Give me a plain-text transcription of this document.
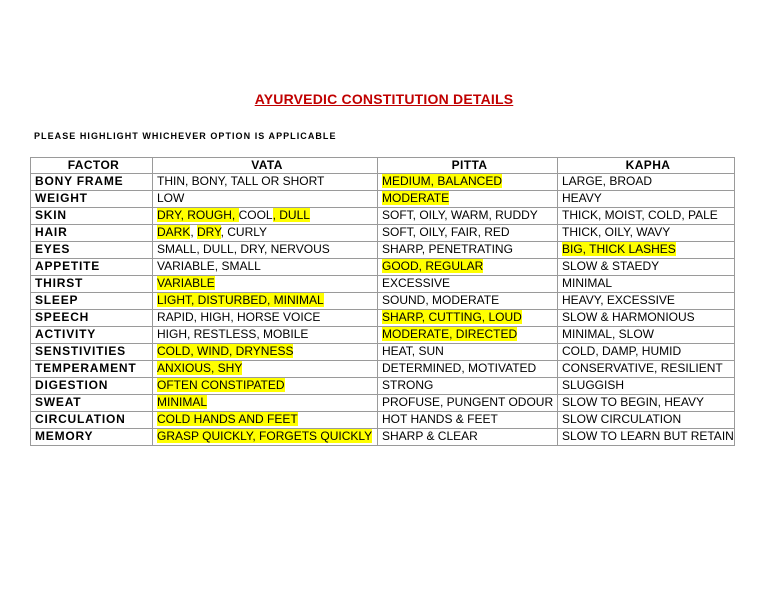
AYURVEDIC CONSTITUTION DETAILS
PLEASE HIGHLIGHT WHICHEVER OPTION IS APPLICABLE
FACTOR	VATA	PITTA	KAPHA
BONY FRAME	THIN, BONY, TALL OR SHORT	MEDIUM, BALANCED	LARGE, BROAD
WEIGHT	LOW	MODERATE	HEAVY
SKIN	DRY, ROUGH, COOL, DULL	SOFT, OILY, WARM, RUDDY	THICK, MOIST, COLD, PALE
HAIR	DARK, DRY, CURLY	SOFT, OILY, FAIR, RED	THICK, OILY, WAVY
EYES	SMALL, DULL, DRY, NERVOUS	SHARP, PENETRATING	BIG, THICK LASHES
APPETITE	VARIABLE, SMALL	GOOD, REGULAR	SLOW & STAEDY
THIRST	VARIABLE	EXCESSIVE	MINIMAL
SLEEP	LIGHT, DISTURBED, MINIMAL	SOUND, MODERATE	HEAVY, EXCESSIVE
SPEECH	RAPID, HIGH, HORSE VOICE	SHARP, CUTTING, LOUD	SLOW & HARMONIOUS
ACTIVITY	HIGH, RESTLESS, MOBILE	MODERATE, DIRECTED	MINIMAL, SLOW
SENSTIVITIES	COLD, WIND, DRYNESS	HEAT, SUN	COLD, DAMP, HUMID
TEMPERAMENT	ANXIOUS, SHY	DETERMINED, MOTIVATED	CONSERVATIVE, RESILIENT
DIGESTION	OFTEN CONSTIPATED	STRONG	SLUGGISH
SWEAT	MINIMAL	PROFUSE, PUNGENT ODOUR	SLOW TO BEGIN, HEAVY
CIRCULATION	COLD HANDS AND FEET	HOT HANDS & FEET	SLOW CIRCULATION
MEMORY	GRASP QUICKLY, FORGETS QUICKLY	SHARP & CLEAR	SLOW TO LEARN BUT RETAIN
